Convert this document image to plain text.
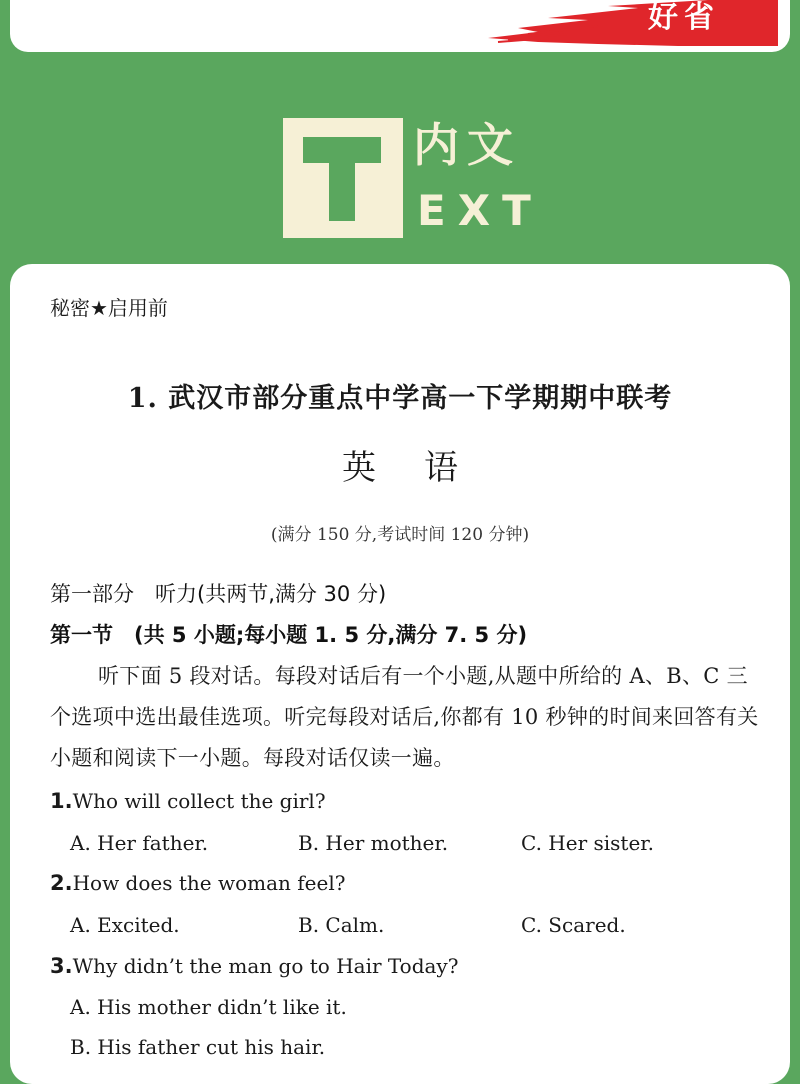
好省

内文

EXT

秘密★启用前

1. 武汉市部分重点中学高一下学期期中联考

英语

(满分 150 分,考试时间 120 分钟)

第一部分　听力(共两节,满分 30 分)

第一节　(共 5 小题;每小题 1. 5 分,满分 7. 5 分)

听下面 5 段对话。每段对话后有一个小题,从题中所给的 A、B、C 三个选项中选出最佳选项。听完每段对话后,你都有 10 秒钟的时间来回答有关小题和阅读下一小题。每段对话仅读一遍。

1.Who will collect the girl?

A. Her father.	B. Her mother.	C. Her sister.

2.How does the woman feel?

A. Excited.	B. Calm.	C. Scared.

3.Why didn’t the man go to Hair Today?

A. His mother didn’t like it.

B. His father cut his hair.
